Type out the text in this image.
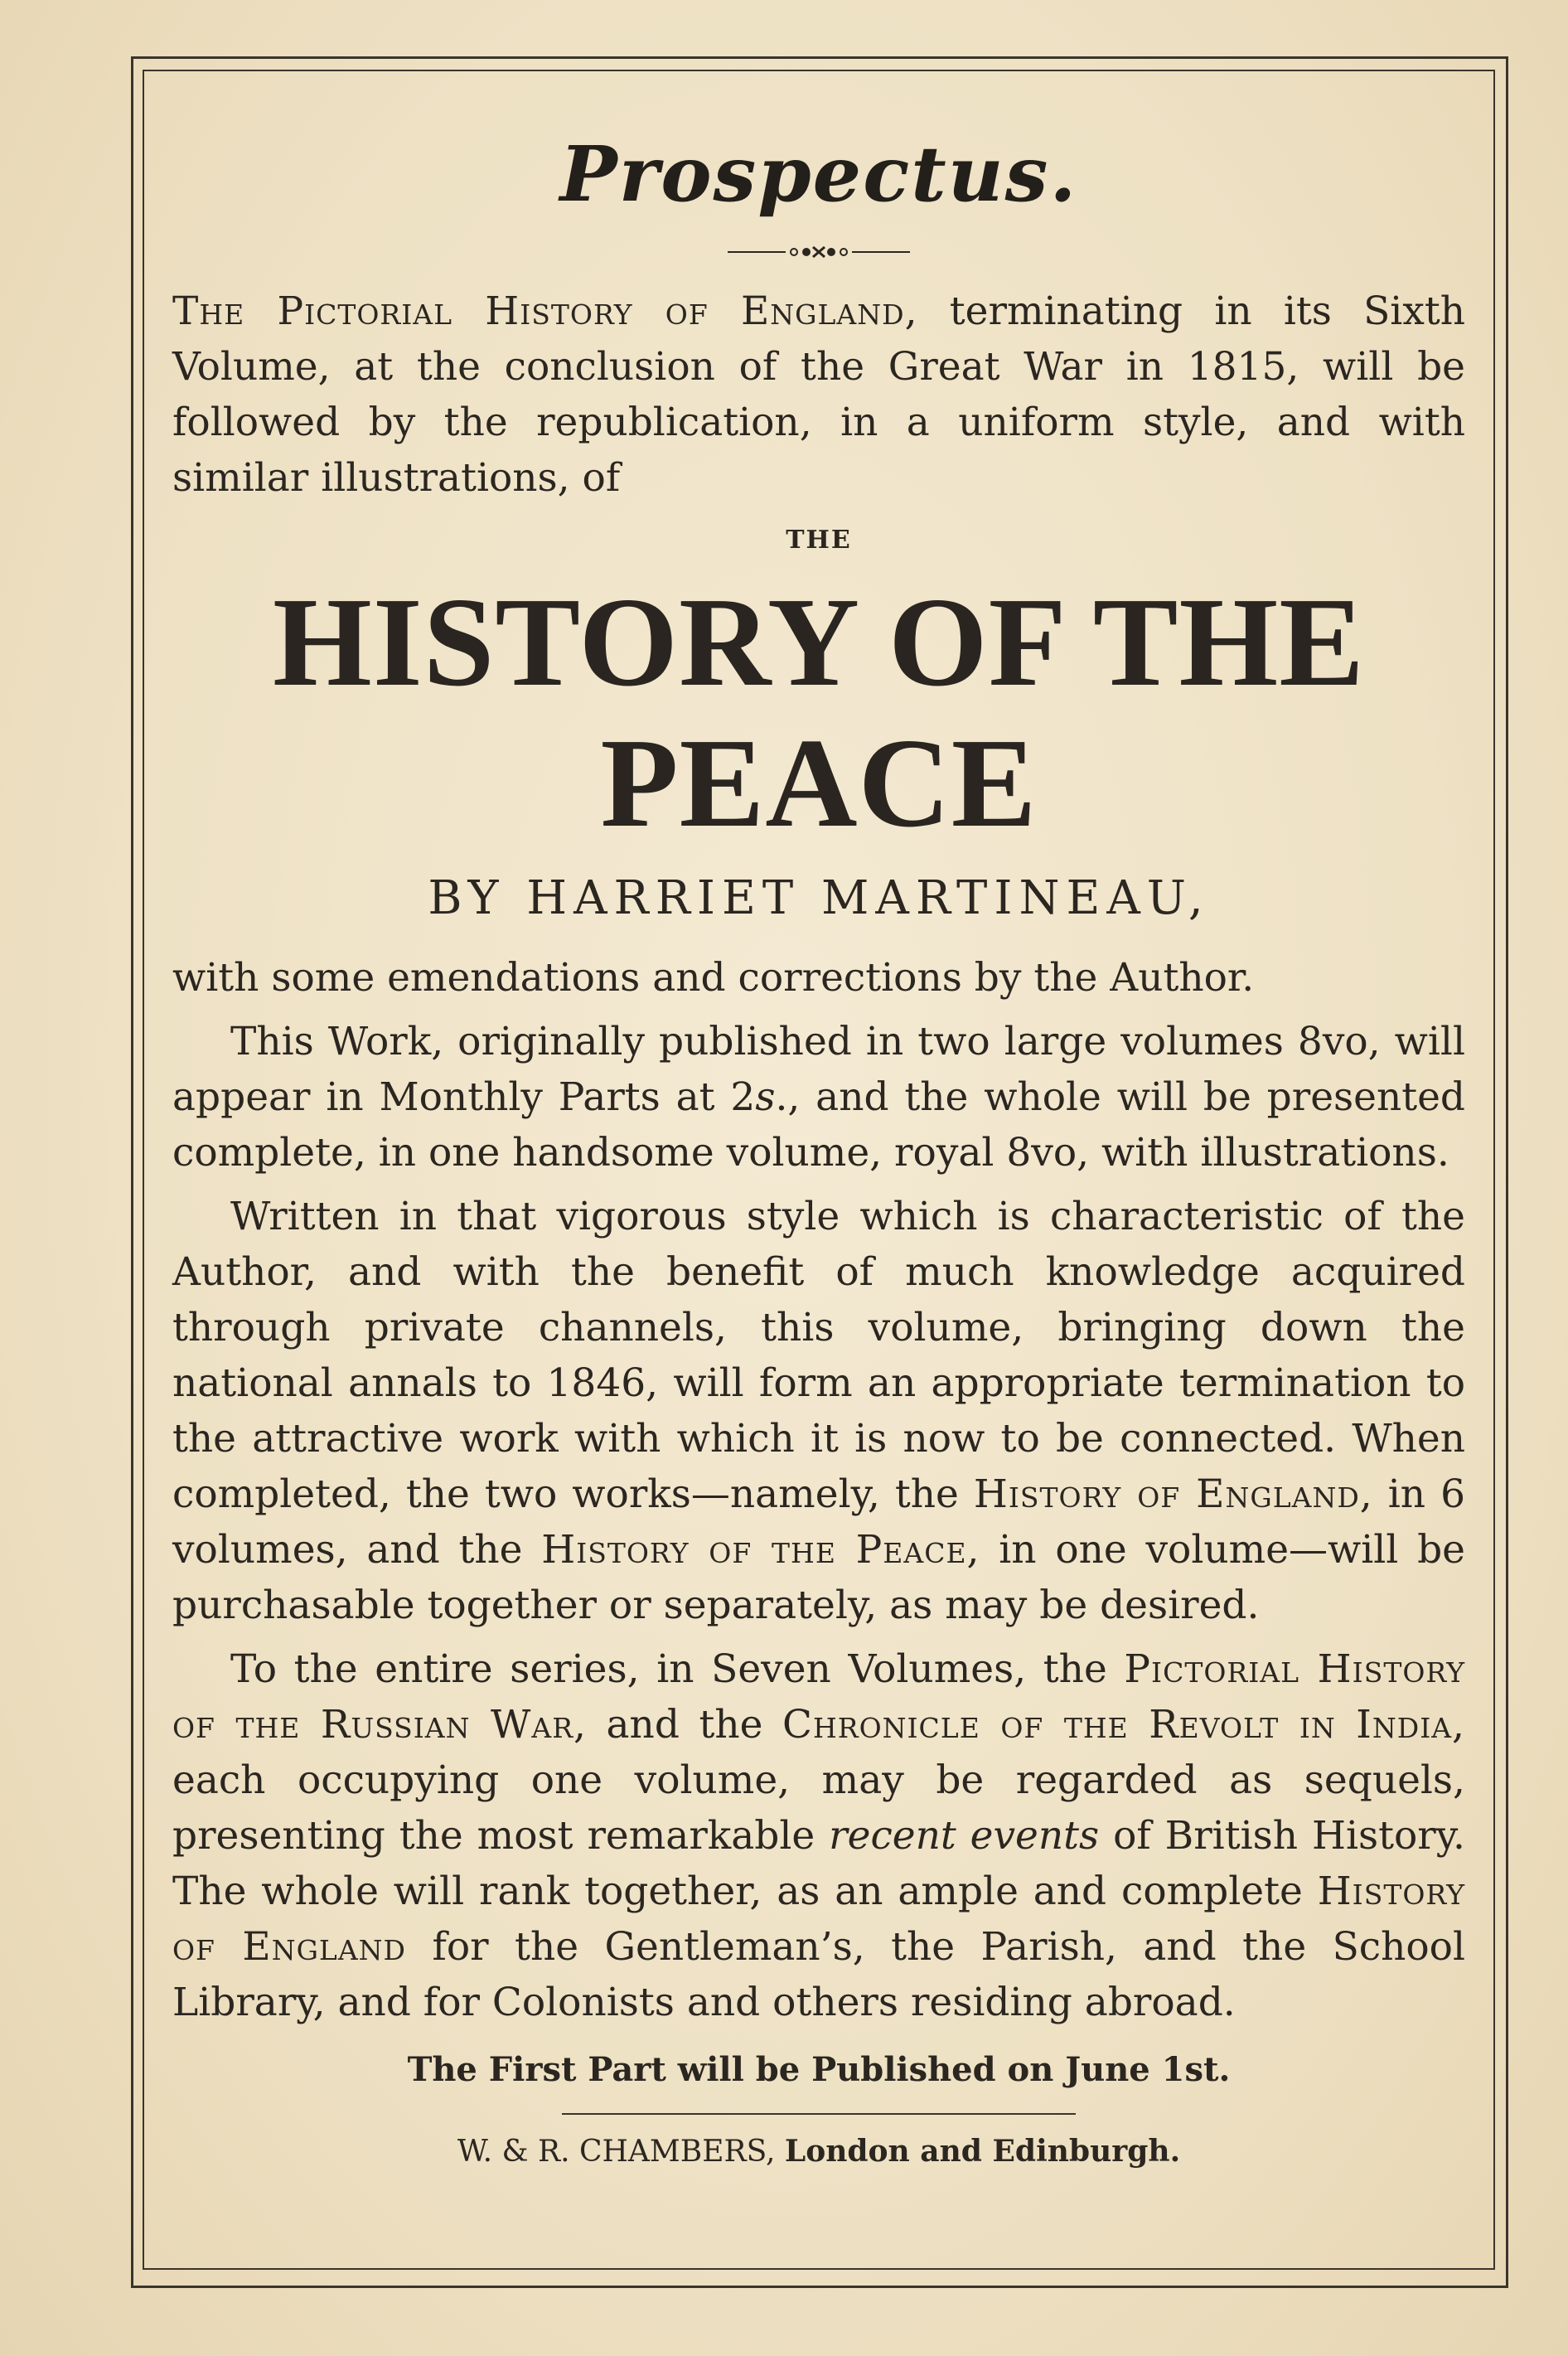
Prospectus.

The Pictorial History of England, terminating in its Sixth Volume, at the conclusion of the Great War in 1815, will be followed by the republication, in a uniform style, and with similar illustrations, of

THE
HISTORY OF THE PEACE
BY HARRIET MARTINEAU,

with some emendations and corrections by the Author.

This Work, originally published in two large volumes 8vo, will appear in Monthly Parts at 2s., and the whole will be presented complete, in one handsome volume, royal 8vo, with illustrations.

Written in that vigorous style which is characteristic of the Author, and with the benefit of much knowledge acquired through private channels, this volume, bringing down the national annals to 1846, will form an appropriate termination to the attractive work with which it is now to be connected. When completed, the two works—namely, the History of England, in 6 volumes, and the History of the Peace, in one volume—will be purchasable together or separately, as may be desired.

To the entire series, in Seven Volumes, the Pictorial History of the Russian War, and the Chronicle of the Revolt in India, each occupying one volume, may be regarded as sequels, presenting the most remarkable recent events of British History. The whole will rank together, as an ample and complete History of England for the Gentleman’s, the Parish, and the School Library, and for Colonists and others residing abroad.

The First Part will be Published on June 1st.
W. & R. CHAMBERS, London and Edinburgh.
